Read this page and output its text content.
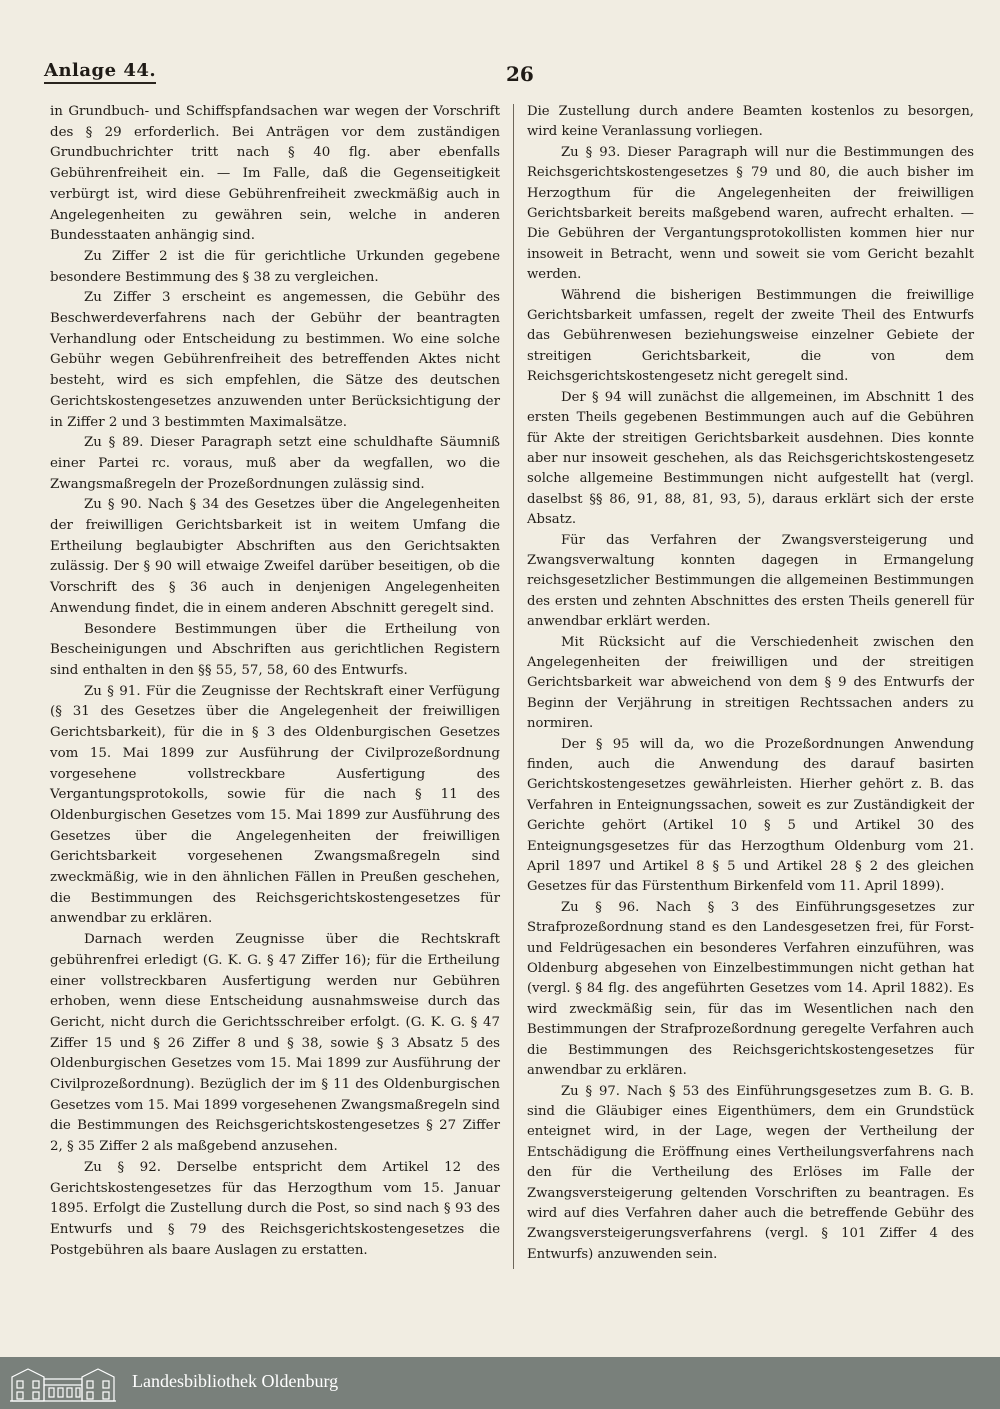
Anlage 44.	26

in Grundbuch- und Schiffspfandsachen war wegen der Vorschrift des § 29 erforderlich. Bei Anträgen vor dem zuständigen Grundbuchrichter tritt nach § 40 flg. aber ebenfalls Gebührenfreiheit ein. — Im Falle, daß die Gegenseitigkeit verbürgt ist, wird diese Gebührenfreiheit zweckmäßig auch in Angelegenheiten zu gewähren sein, welche in anderen Bundesstaaten anhängig sind.

Zu Ziffer 2 ist die für gerichtliche Urkunden gegebene besondere Bestimmung des § 38 zu vergleichen.

Zu Ziffer 3 erscheint es angemessen, die Gebühr des Beschwerdeverfahrens nach der Gebühr der beantragten Verhandlung oder Entscheidung zu bestimmen. Wo eine solche Gebühr wegen Gebührenfreiheit des betreffenden Aktes nicht besteht, wird es sich empfehlen, die Sätze des deutschen Gerichtskostengesetzes anzuwenden unter Berücksichtigung der in Ziffer 2 und 3 bestimmten Maximalsätze.

Zu § 89. Dieser Paragraph setzt eine schuldhafte Säumniß einer Partei rc. voraus, muß aber da wegfallen, wo die Zwangsmaßregeln der Prozeßordnungen zulässig sind.

Zu § 90. Nach § 34 des Gesetzes über die Angelegenheiten der freiwilligen Gerichtsbarkeit ist in weitem Umfang die Ertheilung beglaubigter Abschriften aus den Gerichtsakten zulässig. Der § 90 will etwaige Zweifel darüber beseitigen, ob die Vorschrift des § 36 auch in denjenigen Angelegenheiten Anwendung findet, die in einem anderen Abschnitt geregelt sind.

Besondere Bestimmungen über die Ertheilung von Bescheinigungen und Abschriften aus gerichtlichen Registern sind enthalten in den §§ 55, 57, 58, 60 des Entwurfs.

Zu § 91. Für die Zeugnisse der Rechtskraft einer Verfügung (§ 31 des Gesetzes über die Angelegenheit der freiwilligen Gerichtsbarkeit), für die in § 3 des Oldenburgischen Gesetzes vom 15. Mai 1899 zur Ausführung der Civilprozeßordnung vorgesehene vollstreckbare Ausfertigung des Vergantungsprotokolls, sowie für die nach § 11 des Oldenburgischen Gesetzes vom 15. Mai 1899 zur Ausführung des Gesetzes über die Angelegenheiten der freiwilligen Gerichtsbarkeit vorgesehenen Zwangsmaßregeln sind zweckmäßig, wie in den ähnlichen Fällen in Preußen geschehen, die Bestimmungen des Reichsgerichtskostengesetzes für anwendbar zu erklären.

Darnach werden Zeugnisse über die Rechtskraft gebührenfrei erledigt (G. K. G. § 47 Ziffer 16); für die Ertheilung einer vollstreckbaren Ausfertigung werden nur Gebühren erhoben, wenn diese Entscheidung ausnahmsweise durch das Gericht, nicht durch die Gerichtsschreiber erfolgt. (G. K. G. § 47 Ziffer 15 und § 26 Ziffer 8 und § 38, sowie § 3 Absatz 5 des Oldenburgischen Gesetzes vom 15. Mai 1899 zur Ausführung der Civilprozeßordnung). Bezüglich der im § 11 des Oldenburgischen Gesetzes vom 15. Mai 1899 vorgesehenen Zwangsmaßregeln sind die Bestimmungen des Reichsgerichtskostengesetzes § 27 Ziffer 2, § 35 Ziffer 2 als maßgebend anzusehen.

Zu § 92. Derselbe entspricht dem Artikel 12 des Gerichtskostengesetzes für das Herzogthum vom 15. Januar 1895. Erfolgt die Zustellung durch die Post, so sind nach § 93 des Entwurfs und § 79 des Reichsgerichtskostengesetzes die Postgebühren als baare Auslagen zu erstatten.

Die Zustellung durch andere Beamten kostenlos zu besorgen, wird keine Veranlassung vorliegen.

Zu § 93. Dieser Paragraph will nur die Bestimmungen des Reichsgerichtskostengesetzes § 79 und 80, die auch bisher im Herzogthum für die Angelegenheiten der freiwilligen Gerichtsbarkeit bereits maßgebend waren, aufrecht erhalten. — Die Gebühren der Vergantungsprotokollisten kommen hier nur insoweit in Betracht, wenn und soweit sie vom Gericht bezahlt werden.

Während die bisherigen Bestimmungen die freiwillige Gerichtsbarkeit umfassen, regelt der zweite Theil des Entwurfs das Gebührenwesen beziehungsweise einzelner Gebiete der streitigen Gerichtsbarkeit, die von dem Reichsgerichtskostengesetz nicht geregelt sind.

Der § 94 will zunächst die allgemeinen, im Abschnitt 1 des ersten Theils gegebenen Bestimmungen auch auf die Gebühren für Akte der streitigen Gerichtsbarkeit ausdehnen. Dies konnte aber nur insoweit geschehen, als das Reichsgerichtskostengesetz solche allgemeine Bestimmungen nicht aufgestellt hat (vergl. daselbst §§ 86, 91, 88, 81, 93, 5), daraus erklärt sich der erste Absatz.

Für das Verfahren der Zwangsversteigerung und Zwangsverwaltung konnten dagegen in Ermangelung reichsgesetzlicher Bestimmungen die allgemeinen Bestimmungen des ersten und zehnten Abschnittes des ersten Theils generell für anwendbar erklärt werden.

Mit Rücksicht auf die Verschiedenheit zwischen den Angelegenheiten der freiwilligen und der streitigen Gerichtsbarkeit war abweichend von dem § 9 des Entwurfs der Beginn der Verjährung in streitigen Rechtssachen anders zu normiren.

Der § 95 will da, wo die Prozeßordnungen Anwendung finden, auch die Anwendung des darauf basirten Gerichtskostengesetzes gewährleisten. Hierher gehört z. B. das Verfahren in Enteignungssachen, soweit es zur Zuständigkeit der Gerichte gehört (Artikel 10 § 5 und Artikel 30 des Enteignungsgesetzes für das Herzogthum Oldenburg vom 21. April 1897 und Artikel 8 § 5 und Artikel 28 § 2 des gleichen Gesetzes für das Fürstenthum Birkenfeld vom 11. April 1899).

Zu § 96. Nach § 3 des Einführungsgesetzes zur Strafprozeßordnung stand es den Landesgesetzen frei, für Forst- und Feldrügesachen ein besonderes Verfahren einzuführen, was Oldenburg abgesehen von Einzelbestimmungen nicht gethan hat (vergl. § 84 flg. des angeführten Gesetzes vom 14. April 1882). Es wird zweckmäßig sein, für das im Wesentlichen nach den Bestimmungen der Strafprozeßordnung geregelte Verfahren auch die Bestimmungen des Reichsgerichtskostengesetzes für anwendbar zu erklären.

Zu § 97. Nach § 53 des Einführungsgesetzes zum B. G. B. sind die Gläubiger eines Eigenthümers, dem ein Grundstück enteignet wird, in der Lage, wegen der Vertheilung der Entschädigung die Eröffnung eines Vertheilungsverfahrens nach den für die Vertheilung des Erlöses im Falle der Zwangsversteigerung geltenden Vorschriften zu beantragen. Es wird auf dies Verfahren daher auch die betreffende Gebühr des Zwangsversteigerungsverfahrens (vergl. § 101 Ziffer 4 des Entwurfs) anzuwenden sein.

Landesbibliothek Oldenburg
